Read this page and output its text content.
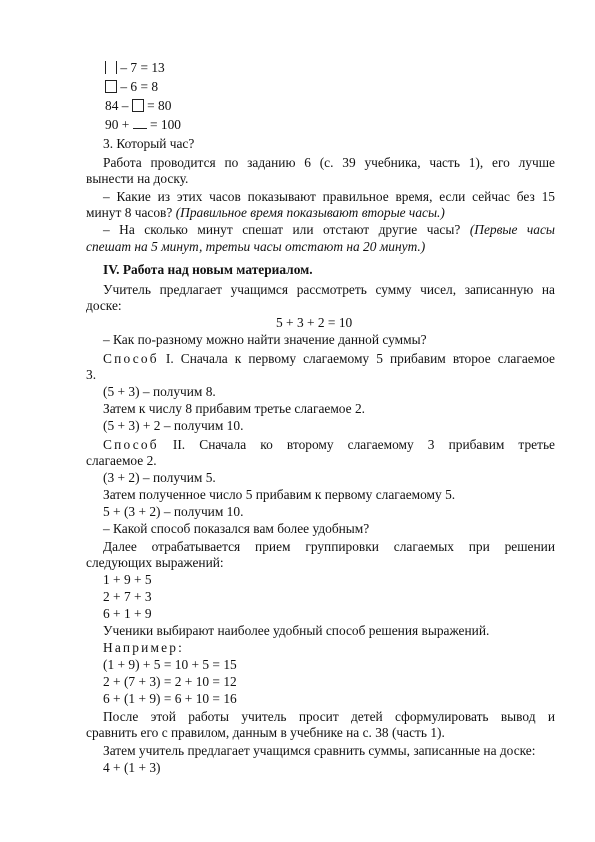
– 7 = 13
– 6 = 8
84 – = 80
90 + = 100
3. Который час?
Работа проводится по заданию 6 (с. 39 учебника, часть 1), его лучше
вынести на доску.
– Какие из этих часов показывают правильное время, если сейчас без 15
минут 8 часов? (Правильное время показывают вторые часы.)
– На сколько минут спешат или отстают другие часы? (Первые часы
спешат на 5 минут, третьи часы отстают на 20 минут.)
IV. Работа над новым материалом.
Учитель предлагает учащимся рассмотреть сумму чисел, записанную на
доске:
5 + 3 + 2 = 10
– Как по-разному можно найти значение данной суммы?
Способ I. Сначала к первому слагаемому 5 прибавим второе слагаемое
3.
(5 + 3) – получим 8.
Затем к числу 8 прибавим третье слагаемое 2.
(5 + 3) + 2 – получим 10.
Способ II. Сначала ко второму слагаемому 3 прибавим третье
слагаемое 2.
(3 + 2) – получим 5.
Затем полученное число 5 прибавим к первому слагаемому 5.
5 + (3 + 2) – получим 10.
– Какой способ показался вам более удобным?
Далее отрабатывается прием группировки слагаемых при решении
следующих выражений:
1 + 9 + 5
2 + 7 + 3
6 + 1 + 9
Ученики выбирают наиболее удобный способ решения выражений.
Например:
(1 + 9) + 5 = 10 + 5 = 15
2 + (7 + 3) = 2 + 10 = 12
6 + (1 + 9) = 6 + 10 = 16
После этой работы учитель просит детей сформулировать вывод и
сравнить его с правилом, данным в учебнике на с. 38 (часть 1).
Затем учитель предлагает учащимся сравнить суммы, записанные на доске:
4 + (1 + 3)
